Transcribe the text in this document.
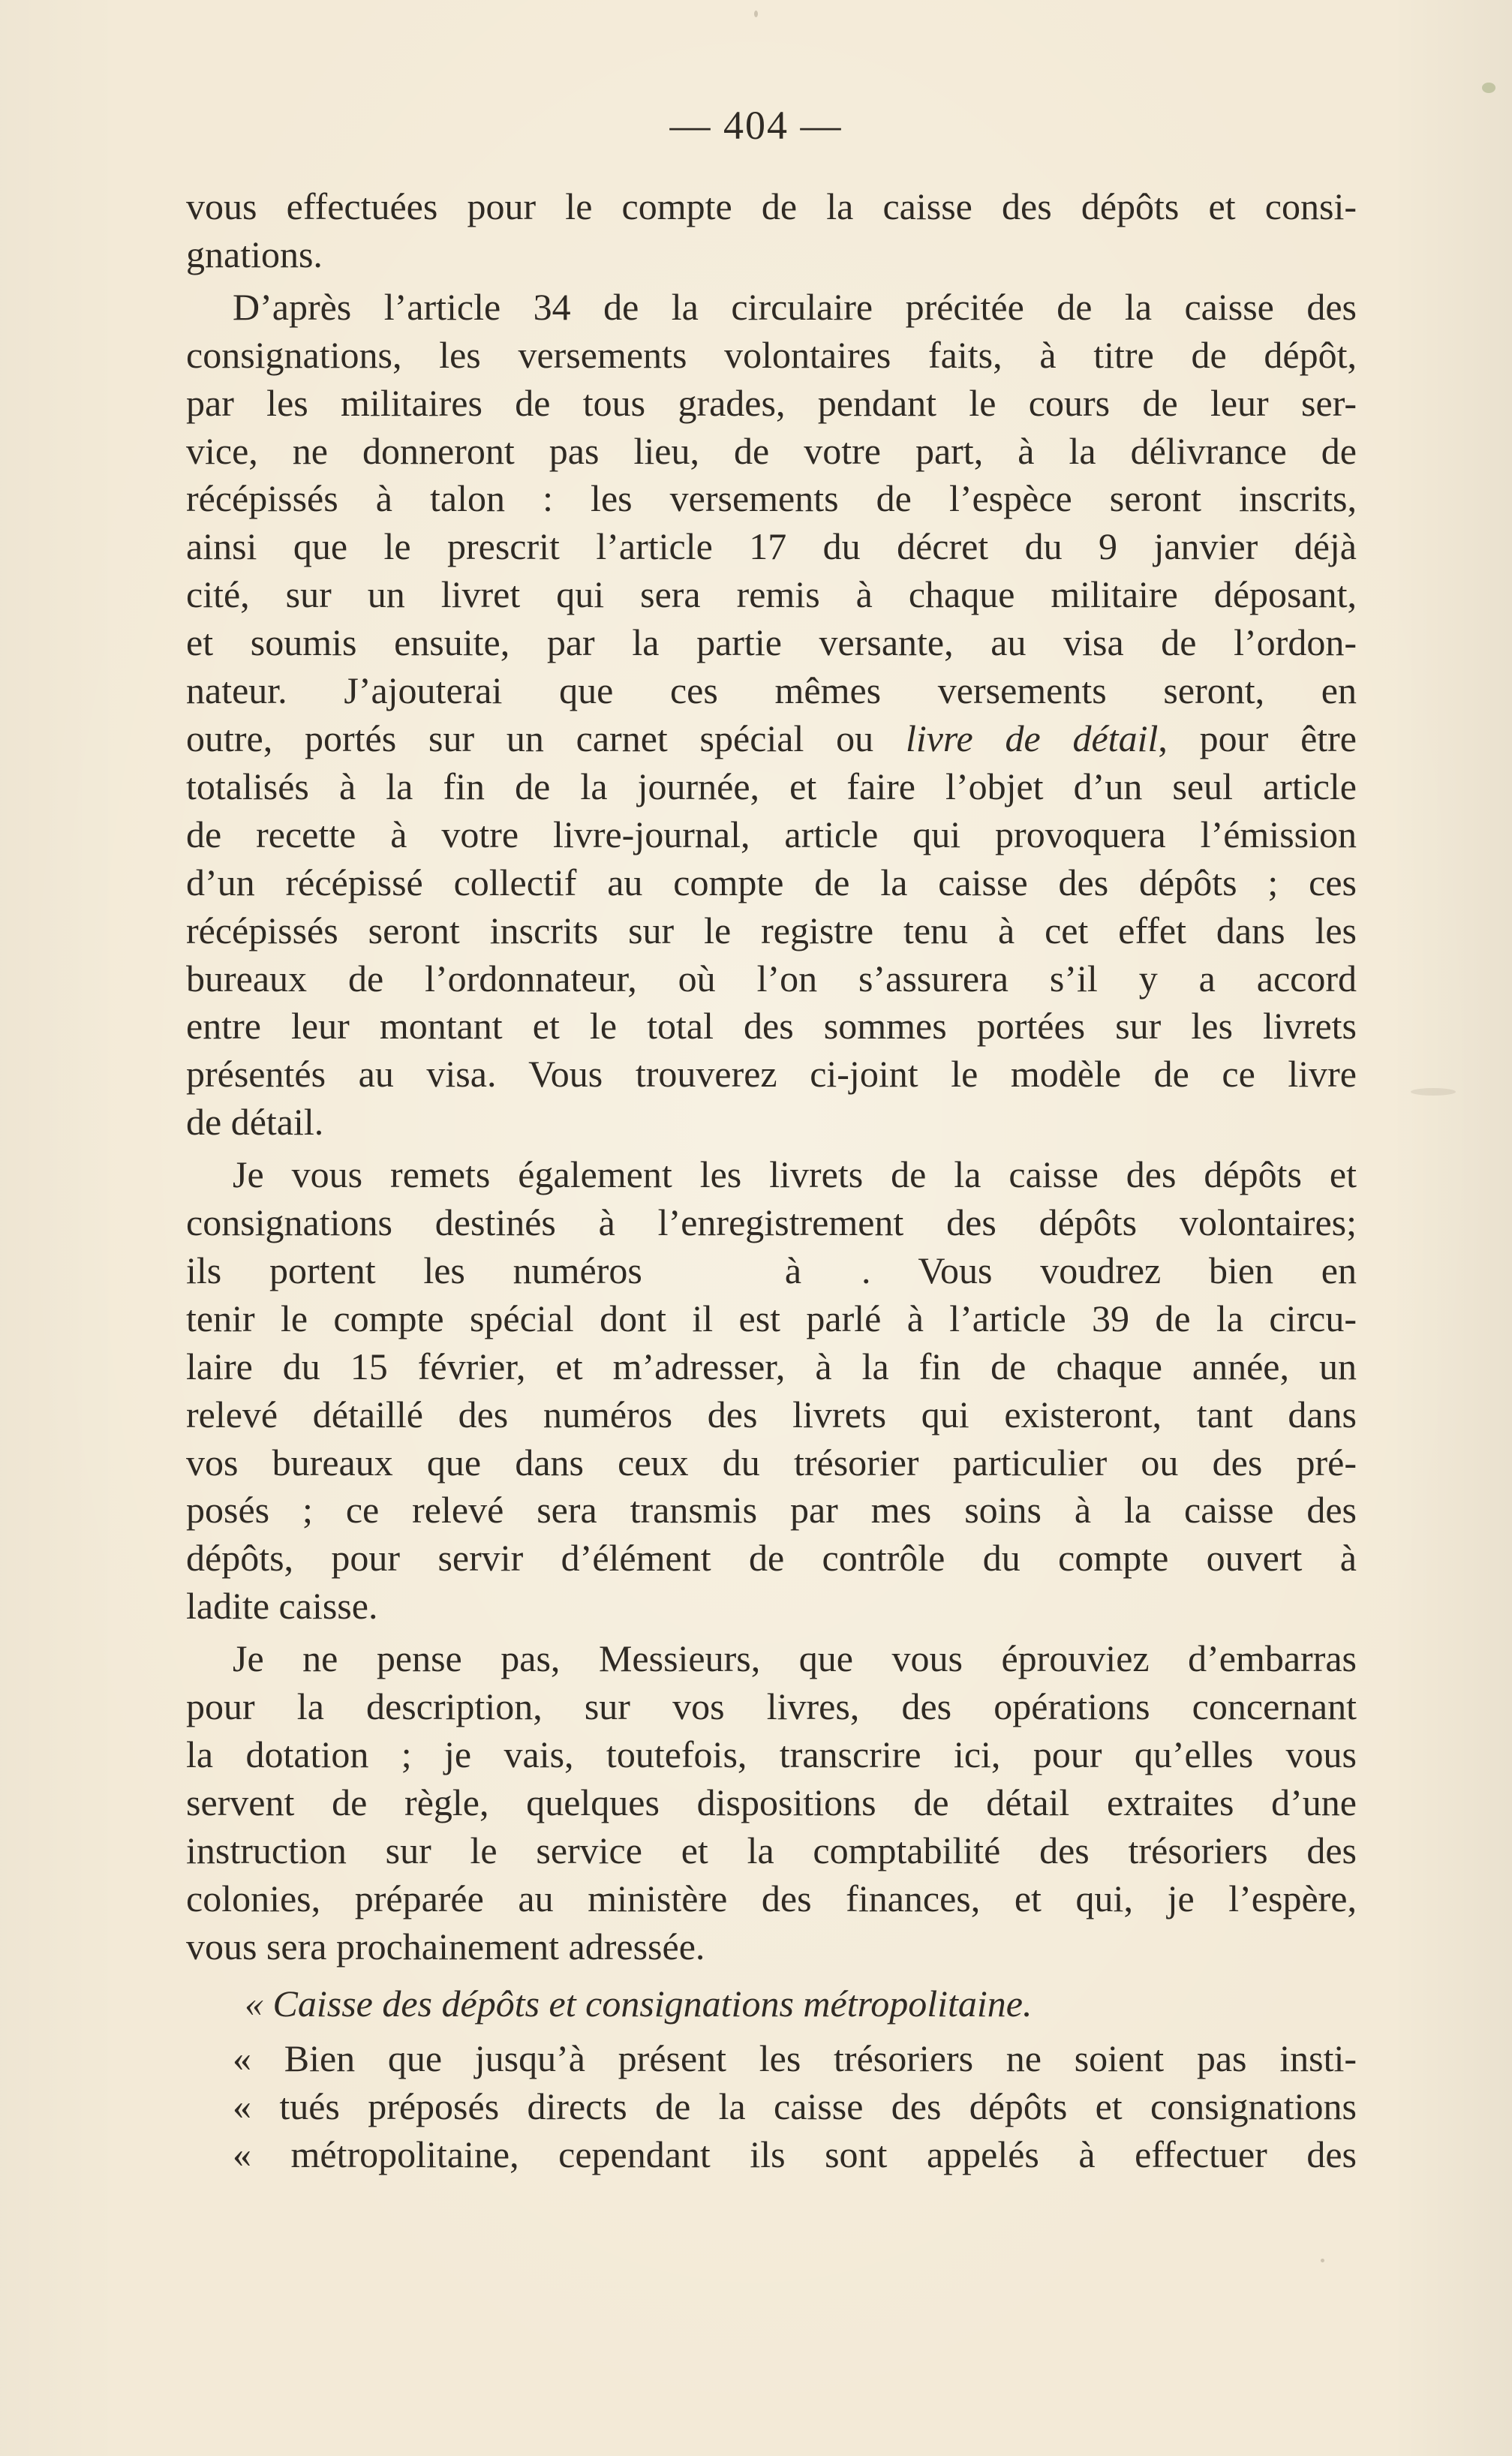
— 404 —
vous effectuées pour le compte de la caisse des dépôts et consi-
gnations.
D’après l’article 34 de la circulaire précitée de la caisse des
consignations, les versements volontaires faits, à titre de dépôt,
par les militaires de tous grades, pendant le cours de leur ser-
vice, ne donneront pas lieu, de votre part, à la délivrance de
récépissés à talon : les versements de l’espèce seront inscrits,
ainsi que le prescrit l’article 17 du décret du 9 janvier déjà
cité, sur un livret qui sera remis à chaque militaire déposant,
et soumis ensuite, par la partie versante, au visa de l’ordon-
nateur. J’ajouterai que ces mêmes versements seront, en
outre, portés sur un carnet spécial ou livre de détail, pour être
totalisés à la fin de la journée, et faire l’objet d’un seul article
de recette à votre livre-journal, article qui provoquera l’émission
d’un récépissé collectif au compte de la caisse des dépôts ; ces
récépissés seront inscrits sur le registre tenu à cet effet dans les
bureaux de l’ordonnateur, où l’on s’assurera s’il y a accord
entre leur montant et le total des sommes portées sur les livrets
présentés au visa. Vous trouverez ci-joint le modèle de ce livre
de détail.
Je vous remets également les livrets de la caisse des dépôts et
consignations destinés à l’enregistrement des dépôts volontaires;
ils portent les numéros	à . Vous voudrez bien en
tenir le compte spécial dont il est parlé à l’article 39 de la circu-
laire du 15 février, et m’adresser, à la fin de chaque année, un
relevé détaillé des numéros des livrets qui existeront, tant dans
vos bureaux que dans ceux du trésorier particulier ou des pré-
posés ; ce relevé sera transmis par mes soins à la caisse des
dépôts, pour servir d’élément de contrôle du compte ouvert à
ladite caisse.
Je ne pense pas, Messieurs, que vous éprouviez d’embarras
pour la description, sur vos livres, des opérations concernant
la dotation ; je vais, toutefois, transcrire ici, pour qu’elles vous
servent de règle, quelques dispositions de détail extraites d’une
instruction sur le service et la comptabilité des trésoriers des
colonies, préparée au ministère des finances, et qui, je l’espère,
vous sera prochainement adressée.
« Caisse des dépôts et consignations métropolitaine.
« Bien que jusqu’à présent les trésoriers ne soient pas insti-
« tués préposés directs de la caisse des dépôts et consignations
« métropolitaine, cependant ils sont appelés à effectuer des
